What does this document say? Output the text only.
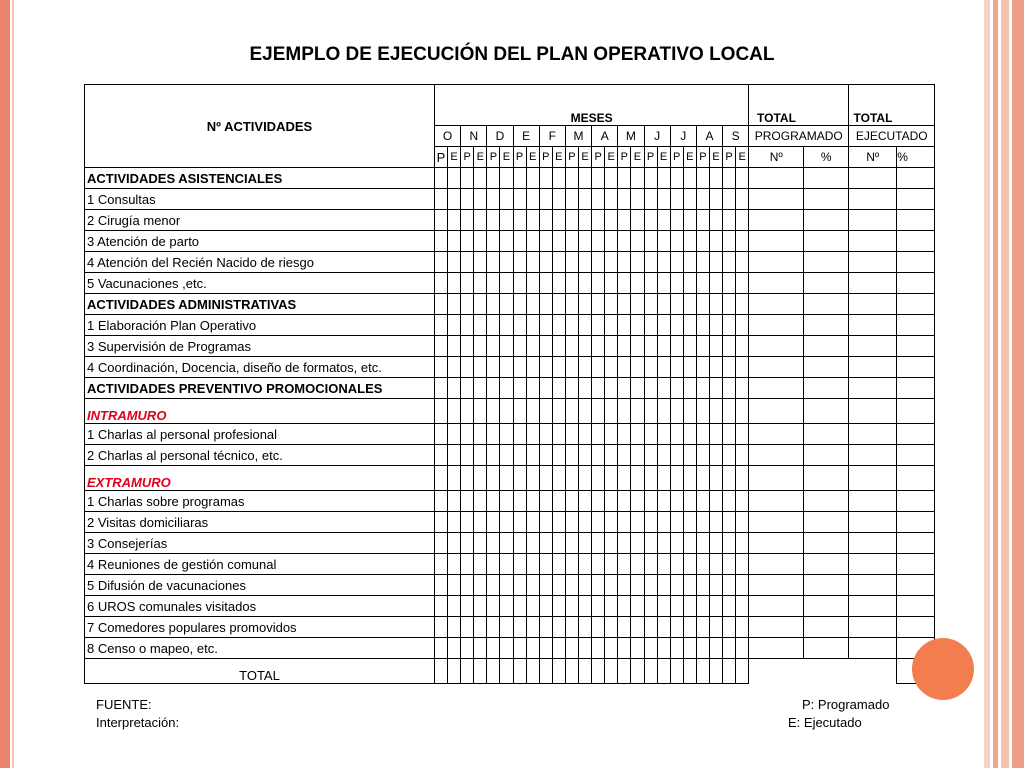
EJEMPLO DE EJECUCIÓN DEL PLAN OPERATIVO LOCAL
Nº ACTIVIDADES	MESES																								TOTAL		TOTAL	
	O		N		D		E		F		M		A		M		J		J		A		S		PROGRAMADO		EJECUTADO	
	P	E	P	E	P	E	P	E	P	E	P	E	P	E	P	E	P	E	P	E	P	E	P	E	Nº	%	Nº	%
ACTIVIDADES ASISTENCIALES																												
1 Consultas																												
2 Cirugía menor																												
3 Atención de parto																												
4 Atención del Recién Nacido de riesgo																												
5 Vacunaciones ,etc.																												
ACTIVIDADES ADMINISTRATIVAS																												
1 Elaboración Plan Operativo																												
3 Supervisión de Programas																												
4 Coordinación, Docencia, diseño de formatos, etc.																												
ACTIVIDADES PREVENTIVO PROMOCIONALES																												
INTRAMURO																												
1 Charlas al personal profesional																												
2 Charlas al personal técnico, etc.																												
EXTRAMURO																												
1 Charlas sobre programas																												
2 Visitas domiciliaras																												
3 Consejerías																												
4 Reuniones de gestión comunal																												
5 Difusión de vacunaciones																												
6 UROS comunales visitados																												
7 Comedores populares promovidos																												
8 Censo o mapeo, etc.																												
TOTAL																												
FUENTE:
Interpretación:
P: Programado
E: Ejecutado
